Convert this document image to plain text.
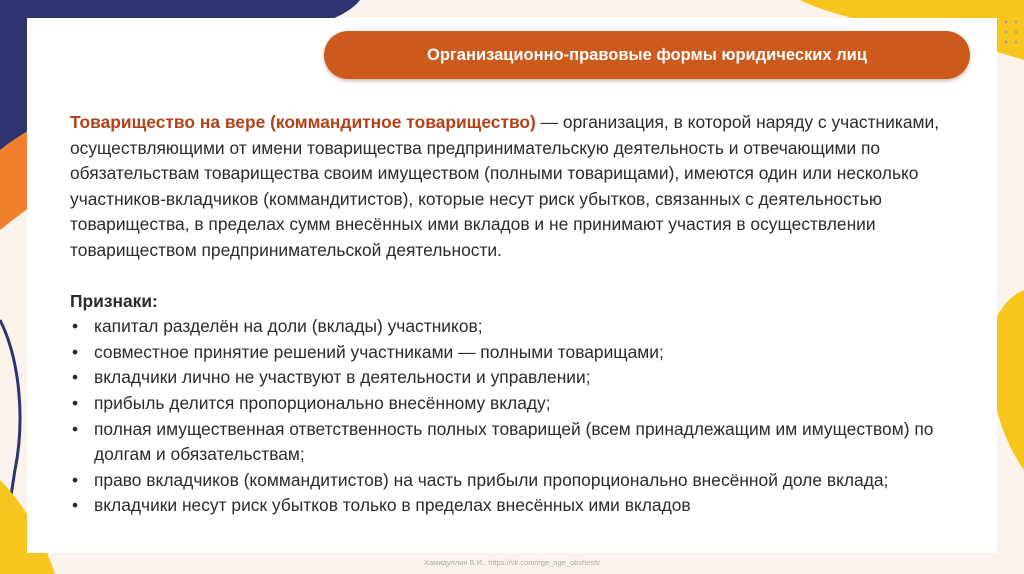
Организационно-правовые формы юридических лиц

Товарищество на вере (коммандитное товарищество) — организация, в которой наряду с участниками, осуществляющими от имени товарищества предпринимательскую деятельность и отвечающими по обязательствам товарищества своим имуществом (полными товарищами), имеются один или несколько участников-вкладчиков (коммандитистов), которые несут риск убытков, связанных с деятельностью товарищества, в пределах сумм внесённых ими вкладов и не принимают участия в осуществлении товариществом предпринимательской деятельности.

Признаки:

• капитал разделён на доли (вклады) участников;
• совместное принятие решений участниками — полными товарищами;
• вкладчики лично не участвуют в деятельности и управлении;
• прибыль делится пропорционально внесённому вкладу;
• полная имущественная ответственность полных товарищей (всем принадлежащим им имуществом) по долгам и обязательствам;
• право вкладчиков (коммандитистов) на часть прибыли пропорционально внесённой доле вклада;
• вкладчики несут риск убытков только в пределах внесённых ими вкладов
Хамидуллин Б.И., https://vk.com/ege_oge_obshestv
